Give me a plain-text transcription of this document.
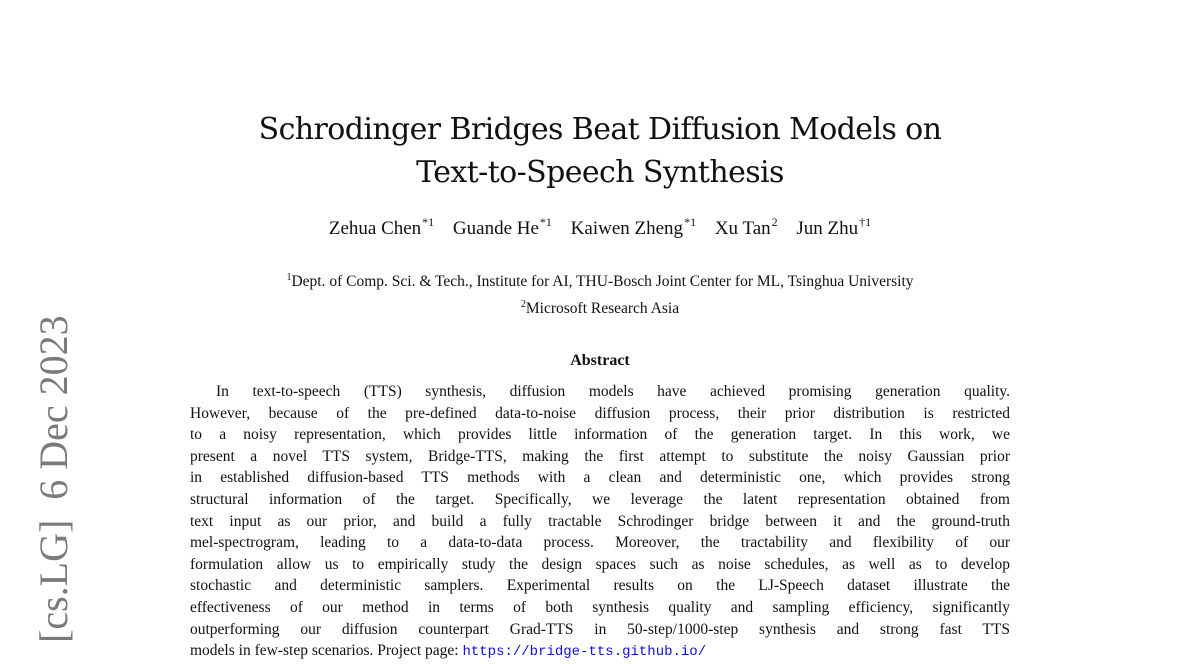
[cs.LG]6 Dec 2023
Schrodinger Bridges Beat Diffusion Models on
Text-to-Speech Synthesis
Zehua Chen$^{*1}$ Guande He$^{*1}$ Kaiwen Zheng$^{*1}$ Xu Tan$^2$ Jun Zhu$^{\dagger 1}$
$^1$Dept. of Comp. Sci. & Tech., Institute for AI, THU-Bosch Joint Center for ML, Tsinghua University
$^2$Microsoft Research Asia
Abstract
In text-to-speech (TTS) synthesis, diffusion models have achieved promising generation quality.
However, because of the pre-defined data-to-noise diffusion process, their prior distribution is restricted
to a noisy representation, which provides little information of the generation target. In this work, we
present a novel TTS system, Bridge-TTS, making the first attempt to substitute the noisy Gaussian prior
in established diffusion-based TTS methods with a clean and deterministic one, which provides strong
structural information of the target. Specifically, we leverage the latent representation obtained from
text input as our prior, and build a fully tractable Schrodinger bridge between it and the ground-truth
mel-spectrogram, leading to a data-to-data process. Moreover, the tractability and flexibility of our
formulation allow us to empirically study the design spaces such as noise schedules, as well as to develop
stochastic and deterministic samplers. Experimental results on the LJ-Speech dataset illustrate the
effectiveness of our method in terms of both synthesis quality and sampling efficiency, significantly
outperforming our diffusion counterpart Grad-TTS in 50-step/1000-step synthesis and strong fast TTS
models in few-step scenarios. Project page: https://bridge-tts.github.io/
